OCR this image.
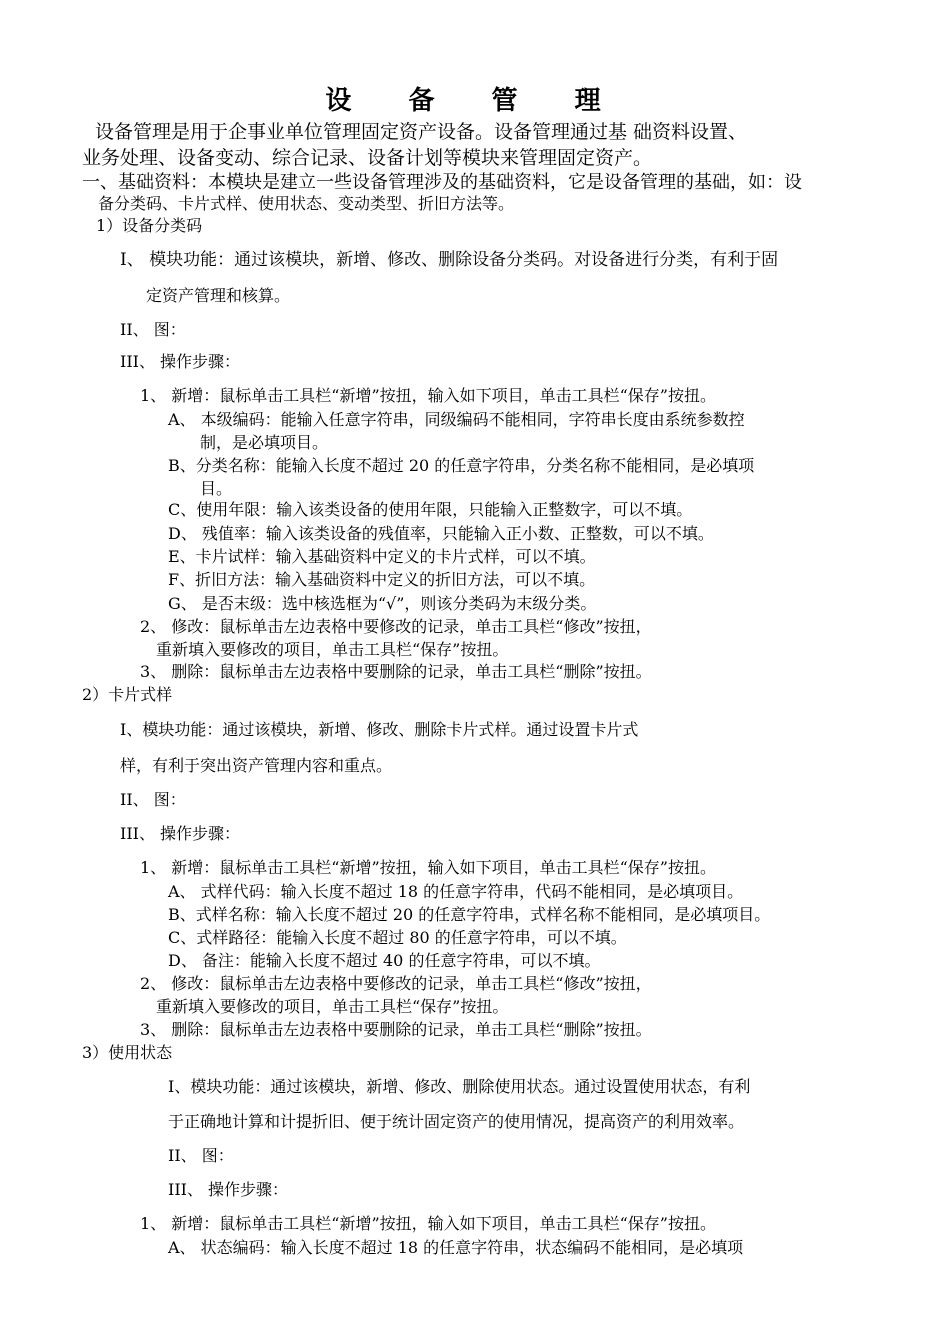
设 备 管 理
设备管理是用于企事业单位管理固定资产设备。设备管理通过基 础资料设置、
业务处理、设备变动、综合记录、设备计划等模块来管理固定资产。
一、基础资料：本模块是建立一些设备管理涉及的基础资料，它是设备管理的基础，如：设
备分类码、卡片式样、使用状态、变动类型、折旧方法等。
1）设备分类码
I、 模块功能：通过该模块，新增、修改、删除设备分类码。对设备进行分类，有利于固
定资产管理和核算。
II、 图：
III、 操作步骤：
1、 新增：鼠标单击工具栏“新增”按扭，输入如下项目，单击工具栏“保存”按扭。
A、 本级编码：能输入任意字符串，同级编码不能相同，字符串长度由系统参数控
制，是必填项目。
B、分类名称：能输入长度不超过 20 的任意字符串，分类名称不能相同，是必填项
目。
C、使用年限：输入该类设备的使用年限，只能输入正整数字，可以不填。
D、 残值率：输入该类设备的残值率，只能输入正小数、正整数，可以不填。
E、卡片试样：输入基础资料中定义的卡片式样，可以不填。
F、折旧方法：输入基础资料中定义的折旧方法，可以不填。
G、 是否末级：选中核选框为“√”，则该分类码为末级分类。
2、 修改：鼠标单击左边表格中要修改的记录，单击工具栏“修改”按扭，
重新填入要修改的项目，单击工具栏“保存”按扭。
3、 删除：鼠标单击左边表格中要删除的记录，单击工具栏“删除”按扭。
2）卡片式样
I、模块功能：通过该模块，新增、修改、删除卡片式样。通过设置卡片式
样，有利于突出资产管理内容和重点。
II、 图：
III、 操作步骤：
1、 新增：鼠标单击工具栏“新增”按扭，输入如下项目，单击工具栏“保存”按扭。
A、 式样代码：输入长度不超过 18 的任意字符串，代码不能相同，是必填项目。
B、式样名称：输入长度不超过 20 的任意字符串，式样名称不能相同，是必填项目。
C、式样路径：能输入长度不超过 80 的任意字符串，可以不填。
D、 备注：能输入长度不超过 40 的任意字符串，可以不填。
2、 修改：鼠标单击左边表格中要修改的记录，单击工具栏“修改”按扭，
重新填入要修改的项目，单击工具栏“保存”按扭。
3、 删除：鼠标单击左边表格中要删除的记录，单击工具栏“删除”按扭。
3）使用状态
I、模块功能：通过该模块，新增、修改、删除使用状态。通过设置使用状态，有利
于正确地计算和计提折旧、便于统计固定资产的使用情况，提高资产的利用效率。
II、 图：
III、 操作步骤：
1、 新增：鼠标单击工具栏“新增”按扭，输入如下项目，单击工具栏“保存”按扭。
A、 状态编码：输入长度不超过 18 的任意字符串，状态编码不能相同，是必填项
